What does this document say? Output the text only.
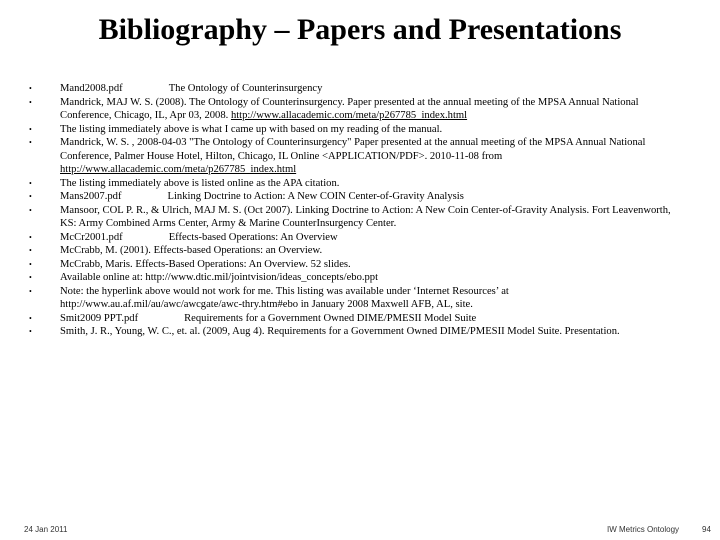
Bibliography – Papers and Presentations
•	Mand2008.pdf	The Ontology of Counterinsurgency
•	Mandrick, MAJ W. S. (2008). The Ontology of Counterinsurgency. Paper presented at the annual meeting of the MPSA Annual National Conference, Chicago, IL, Apr 03, 2008. http://www.allacademic.com/meta/p267785_index.html
•	The listing immediately above is what I came up with based on my reading of the manual.
•	Mandrick, W. S. , 2008-04-03 "The Ontology of Counterinsurgency" Paper presented at the annual meeting of the MPSA Annual National Conference, Palmer House Hotel, Hilton, Chicago, IL Online <APPLICATION/PDF>. 2010-11-08 from http://www.allacademic.com/meta/p267785_index.html
•	The listing immediately above is listed online as the APA citation.
•	Mans2007.pdf	Linking Doctrine to Action: A New COIN Center-of-Gravity Analysis
•	Mansoor, COL P. R., & Ulrich, MAJ M. S. (Oct 2007). Linking Doctrine to Action: A New Coin Center-of-Gravity Analysis. Fort Leavenworth, KS: Army Combined Arms Center, Army & Marine CounterInsurgency Center.
•	McCr2001.pdf	Effects-based Operations: An Overview
•	McCrabb, M. (2001). Effects-based Operations: an Overview.
•	McCrabb, Maris. Effects-Based Operations: An Overview. 52 slides.
•	Available online at: http://www.dtic.mil/jointvision/ideas_concepts/ebo.ppt
•	Note: the hyperlink above would not work for me. This listing was available under ‘Internet Resources’ at http://www.au.af.mil/au/awc/awcgate/awc-thry.htm#ebo in January 2008 Maxwell AFB, AL, site.
•	Smit2009 PPT.pdf	Requirements for a Government Owned DIME/PMESII Model Suite
•	Smith, J. R., Young, W. C., et. al. (2009, Aug 4). Requirements for a Government Owned DIME/PMESII Model Suite. Presentation.
24 Jan 2011	IW Metrics Ontology	94
